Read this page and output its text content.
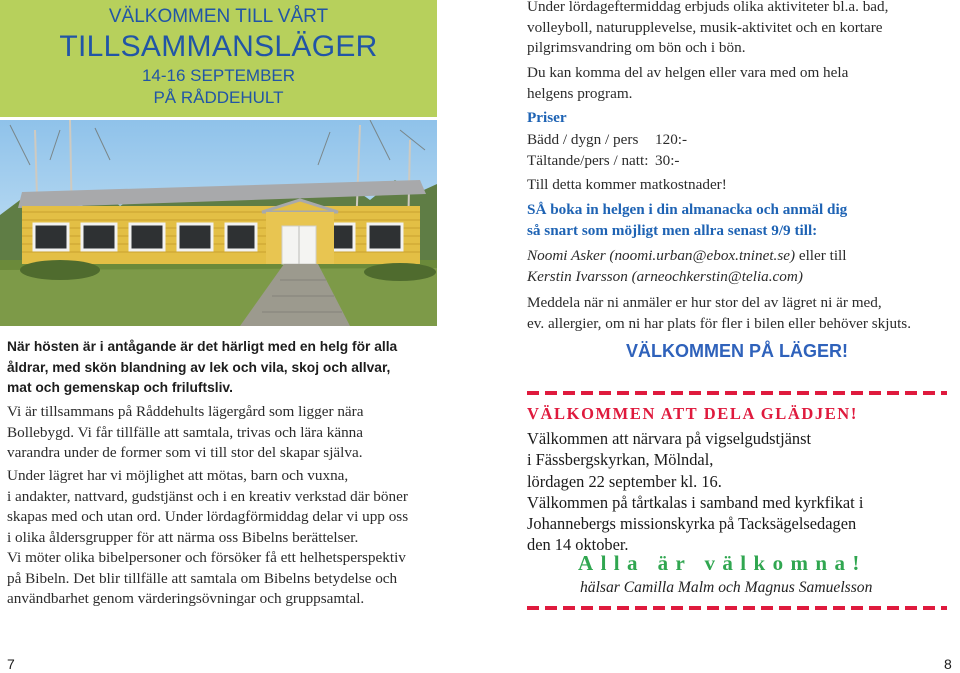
VÄLKOMMEN TILL VÅRT
TILLSAMMANSLÄGER
14-16 SEPTEMBER
PÅ RÅDDEHULT
När hösten är i antågande är det härligt med en helg för alla
åldrar, med skön blandning av lek och vila, skoj och allvar,
mat och gemenskap och friluftsliv.
Vi är tillsammans på Råddehults lägergård som ligger nära
Bollebygd. Vi får tillfälle att samtala, trivas och lära känna
varandra under de former som vi till stor del skapar själva.
Under lägret har vi möjlighet att mötas, barn och vuxna,
i andakter, nattvard, gudstjänst och i en kreativ verkstad där böner
skapas med och utan ord. Under lördagförmiddag delar vi upp oss
i olika åldersgrupper för att närma oss Bibelns berättelser.
Vi möter olika bibelpersoner och försöker få ett helhetsperspektiv
på Bibeln. Det blir tillfälle att samtala om Bibelns betydelse och
användbarhet genom värderingsövningar och gruppsamtal.
7
Under lördageftermiddag erbjuds olika aktiviteter bl.a. bad,
volleyboll, naturupplevelse, musik-aktivitet och en kortare
pilgrimsvandring om bön och i bön.
Du kan komma del av helgen eller vara med om hela
helgens program.
Priser
Bädd / dygn / pers 120:-
Tältande/pers / natt: 30:-
Till detta kommer matkostnader!
SÅ boka in helgen i din almanacka och anmäl dig
så snart som möjligt men allra senast 9/9 till:
Noomi Asker (noomi.urban@ebox.tninet.se) eller till
Kerstin Ivarsson (arneochkerstin@telia.com)
Meddela när ni anmäler er hur stor del av lägret ni är med,
ev. allergier, om ni har plats för fler i bilen eller behöver skjuts.
VÄLKOMMEN PÅ LÄGER!
VÄLKOMMEN ATT DELA GLÄDJEN!
Välkommen att närvara på vigselgudstjänst
i Fässbergskyrkan, Mölndal,
lördagen 22 september kl. 16.
Välkommen på tårtkalas i samband med kyrkfikat i
Johannebergs missionskyrka på Tacksägelsedagen
den 14 oktober.
Alla är välkomna!
hälsar Camilla Malm och Magnus Samuelsson
8
